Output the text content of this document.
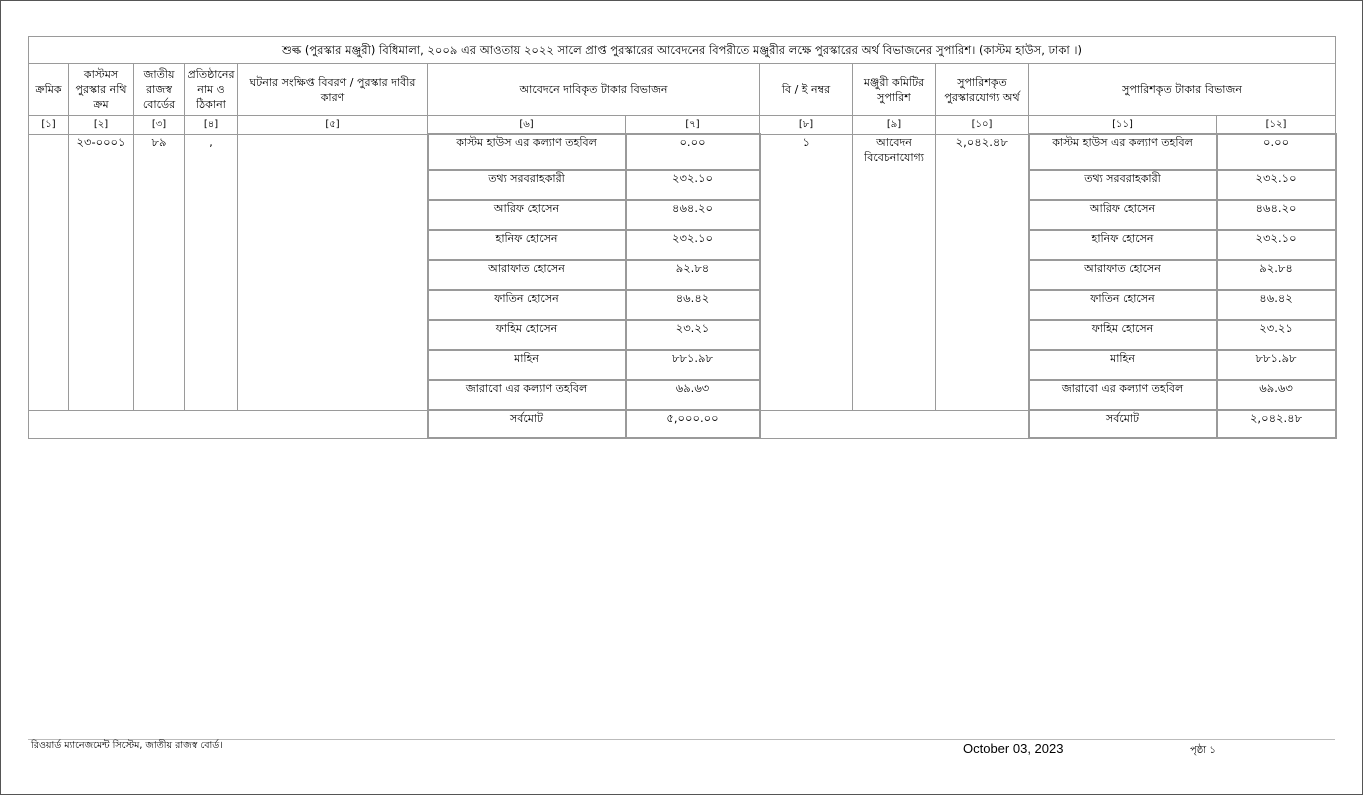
শুল্ক (পুরস্কার মঞ্জুরী) বিধিমালা, ২০০৯ এর আওতায় ২০২২ সালে প্রাপ্ত পুরস্কারের আবেদনের বিপরীতে মঞ্জুরীর লক্ষে পুরস্কারের অর্থ বিভাজনের সুপারিশ। (কাস্টম হাউস, ঢাকা ।)											
ক্রমিক	কাস্টমস পুরস্কার নথি ক্রম	জাতীয় রাজস্ব বোর্ডের	প্রতিষ্ঠানের নাম ও ঠিকানা	ঘটনার সংক্ষিপ্ত বিবরণ / পুরস্কার দাবীর কারণ	আবেদনে দাবিকৃত টাকার বিভাজন		বি / ই নম্বর	মঞ্জুরী কমিটির সুপারিশ	সুপারিশকৃত পুরস্কারযোগ্য অর্থ	সুপারিশকৃত টাকার বিভাজন	
[১]	[২]	[৩]	[৪]	[৫]	[৬]	[৭]	[৮]	[৯]	[১০]	[১১]	[১২]
	২৩-০০০১	৮৯	,		কাস্টম হাউস এর কল্যাণ তহবিল	০.০০	১	আবেদন বিবেচনাযোগ্য	২,০৪২.৪৮	কাস্টম হাউস এর কল্যাণ তহবিল	০.০০
					তথ্য সরবরাহকারী	২৩২.১০				তথ্য সরবরাহকারী	২৩২.১০
					আরিফ হোসেন	৪৬৪.২০				আরিফ হোসেন	৪৬৪.২০
					হানিফ হোসেন	২৩২.১০				হানিফ হোসেন	২৩২.১০
					আরাফাত হোসেন	৯২.৮৪				আরাফাত হোসেন	৯২.৮৪
					ফাতিন হোসেন	৪৬.৪২				ফাতিন হোসেন	৪৬.৪২
					ফাহিম হোসেন	২৩.২১				ফাহিম হোসেন	২৩.২১
					মাহিন	৮৮১.৯৮				মাহিন	৮৮১.৯৮
					জারাবো এর কল্যাণ তহবিল	৬৯.৬৩				জারাবো এর কল্যাণ তহবিল	৬৯.৬৩
					সর্বমোট	৫,০০০.০০				সর্বমোট	২,০৪২.৪৮
রিওয়ার্ড ম্যানেজমেন্ট সিস্টেম, জাতীয় রাজস্ব বোর্ড।	October 03, 2023	পৃষ্ঠা ১
